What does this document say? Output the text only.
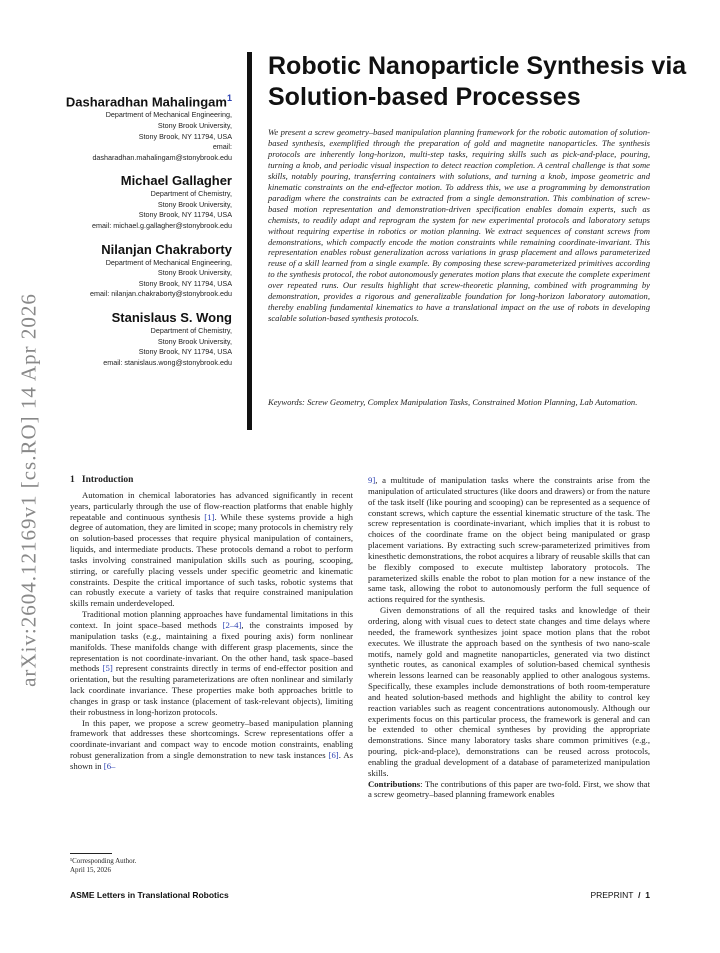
arXiv:2604.12169v1 [cs.RO] 14 Apr 2026
Dasharadhan Mahalingam$^1$
Department of Mechanical Engineering,
Stony Brook University,
Stony Brook, NY 11794, USA
email:
dasharadhan.mahalingam@stonybrook.edu
Michael Gallagher
Department of Chemistry,
Stony Brook University,
Stony Brook, NY 11794, USA
email: michael.g.gallagher@stonybrook.edu
Nilanjan Chakraborty
Department of Mechanical Engineering,
Stony Brook University,
Stony Brook, NY 11794, USA
email: nilanjan.chakraborty@stonybrook.edu
Stanislaus S. Wong
Department of Chemistry,
Stony Brook University,
Stony Brook, NY 11794, USA
email: stanislaus.wong@stonybrook.edu
Robotic Nanoparticle Synthesis via Solution-based Processes
We present a screw geometry–based manipulation planning framework for the robotic automation of solution-based synthesis, exemplified through the preparation of gold and magnetite nanoparticles. The synthesis protocols are inherently long-horizon, multi-step tasks, requiring skills such as pick-and-place, pouring, turning a knob, and periodic visual inspection to detect reaction completion. A central challenge is that some skills, notably pouring, transferring containers with solutions, and turning a knob, impose geometric and kinematic constraints on the end-effector motion. To address this, we use a programming by demonstration paradigm where the constraints can be extracted from a single demonstration. This combination of screw-based motion representation and demonstration-driven specification enables domain experts, such as chemists, to readily adapt and reprogram the system for new experimental protocols and laboratory setups without requiring expertise in robotics or motion planning. We extract sequences of constant screws from demonstrations, which compactly encode the motion constraints while remaining coordinate-invariant. This representation enables robust generalization across variations in grasp placement and allows parameterized reuse of a skill learned from a single example. By composing these screw-parameterized primitives according to the synthesis protocol, the robot autonomously generates motion plans that execute the complete experiment over repeated runs. Our results highlight that screw-theoretic planning, combined with programming by demonstration, provides a rigorous and generalizable foundation for long-horizon laboratory automation, thereby enabling fundamental kinematics to have a translational impact on the use of robots in developing scalable solution-based synthesis protocols.
Keywords: Screw Geometry, Complex Manipulation Tasks, Constrained Motion Planning, Lab Automation.
1 Introduction

Automation in chemical laboratories has advanced significantly in recent years, particularly through the use of flow-reaction platforms that enable highly repeatable and continuous synthesis [1]. While these systems provide a high degree of automation, they are limited in scope; many protocols in chemistry rely on solution-based processes that require physical manipulation of containers, liquids, and intermediate products. These protocols demand a robot to perform tasks involving constrained manipulation skills such as pouring, scooping, stirring, or carefully placing vessels under specific geometric and kinematic constraints. Despite the critical importance of such tasks, robotic systems that can robustly execute a variety of tasks that require constrained manipulation skills remain underdeveloped.

Traditional motion planning approaches have fundamental limitations in this context. In joint space–based methods [2–4], the constraints imposed by manipulation tasks (e.g., maintaining a fixed pouring axis) form nonlinear manifolds. These manifolds change with different grasp placements, since the representation is not coordinate-invariant. On the other hand, task space–based methods [5] represent constraints directly in terms of end-effector position and orientation, but the resulting parameterizations are often nonlinear and similarly lack coordinate invariance. These properties make both approaches brittle to changes in grasp or task instance (placement of task-relevant objects), limiting their robustness in long-horizon protocols.

In this paper, we propose a screw geometry–based manipulation planning framework that addresses these shortcomings. Screw representations offer a coordinate-invariant and compact way to encode motion constraints, enabling robust generalization from a single demonstration to new task instances [6]. As shown in [6–

9], a multitude of manipulation tasks where the constraints arise from the manipulation of articulated structures (like doors and drawers) or from the nature of the task itself (like pouring and scooping) can be represented as a sequence of constant screws, which capture the essential kinematic structure of the task. The screw representation is coordinate-invariant, which implies that it is robust to choices of the coordinate frame on the object being manipulated or grasp placement variations. By extracting such screw-parameterized primitives from kinesthetic demonstrations, the robot acquires a library of reusable skills that can be flexibly composed to execute multistep laboratory protocols. The parameterized skills enable the robot to plan motion for a new instance of the same task, allowing the robot to autonomously perform the full sequence of actions required for the synthesis.

Given demonstrations of all the required tasks and knowledge of their ordering, along with visual cues to detect state changes and time delays where needed, the framework synthesizes joint space motion plans that the robot executes. We illustrate the approach based on the synthesis of two nano-scale motifs, namely gold and magnetite nanoparticles, generated via two distinct synthetic routes, as canonical examples of solution-based chemical synthesis wherein lessons learned can be reasonably applied to other analogous systems. Specifically, these examples include demonstrations of both room-temperature and heated solution-based methods and highlight the ability to control key reaction variables such as reagent concentrations autonomously. Although our experiments focus on this particular process, the framework is general and can be extended to other chemical syntheses by providing the appropriate demonstrations. Since many laboratory tasks share common primitives (e.g., pouring, pick-and-place), demonstrations can be reused across protocols, enabling the gradual development of a database of parameterized manipulation skills.

Contributions: The contributions of this paper are two-fold. First, we show that a screw geometry–based planning framework enables

¹Corresponding Author.
April 15, 2026
ASME Letters in Translational Robotics	PREPRINT / 1
